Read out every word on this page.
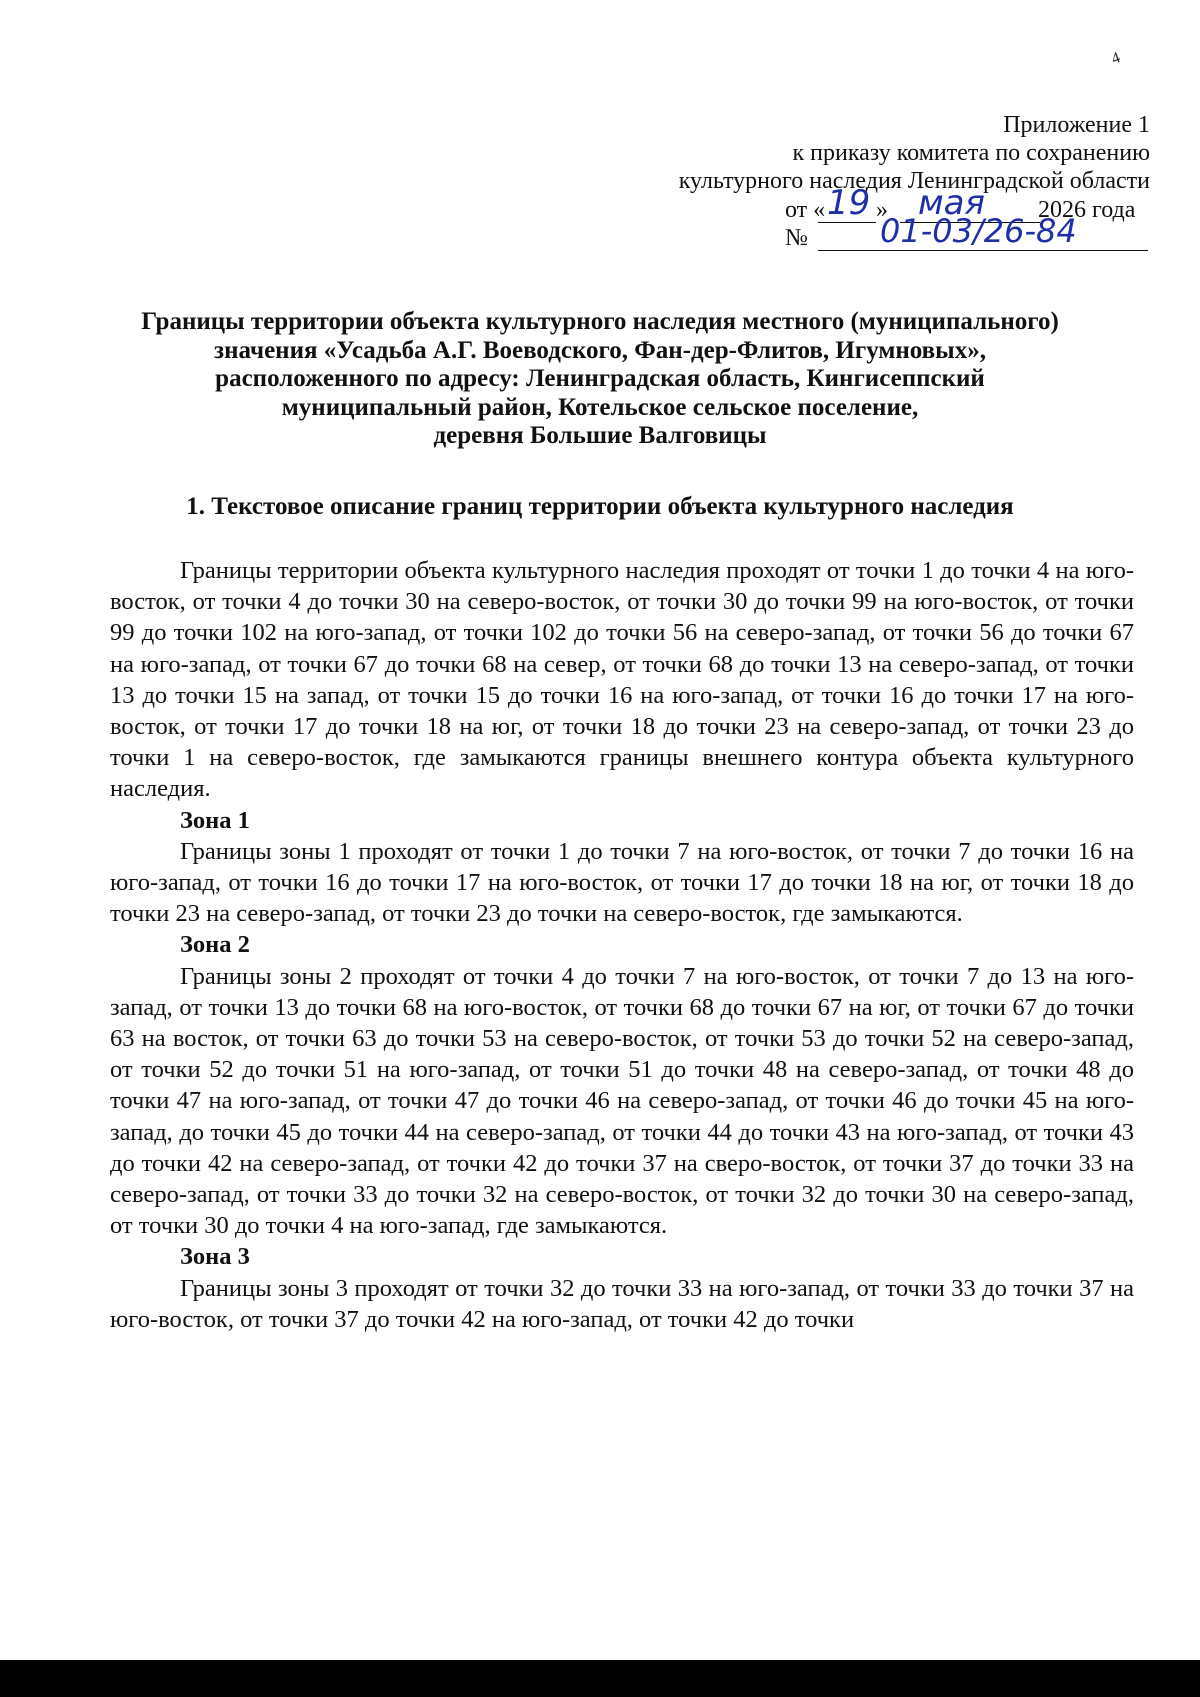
4
Приложение 1
к приказу комитета по сохранению
культурного наследия Ленинградской области
от « »	2026 года
№
19 мая
01-03/26-84
Границы территории объекта культурного наследия местного (муниципального)
значения «Усадьба А.Г. Воеводского, Фан-дер-Флитов, Игумновых»,
расположенного по адресу: Ленинградская область, Кингисеппский
муниципальный район, Котельское сельское поселение,
деревня Большие Валговицы
1. Текстовое описание границ территории объекта культурного наследия

Границы территории объекта культурного наследия проходят от точки 1 до точки 4 на юго-восток, от точки 4 до точки 30 на северо-восток, от точки 30 до точки 99 на юго-восток, от точки 99 до точки 102 на юго-запад, от точки 102 до точки 56 на северо-запад, от точки 56 до точки 67 на юго-запад, от точки 67 до точки 68 на север, от точки 68 до точки 13 на северо-запад, от точки 13 до точки 15 на запад, от точки 15 до точки 16 на юго-запад, от точки 16 до точки 17 на юго-восток, от точки 17 до точки 18 на юг, от точки 18 до точки 23 на северо-запад, от точки 23 до точки 1 на северо-восток, где замыкаются границы внешнего контура объекта культурного наследия.

Зона 1

Границы зоны 1 проходят от точки 1 до точки 7 на юго-восток, от точки 7 до точки 16 на юго-запад, от точки 16 до точки 17 на юго-восток, от точки 17 до точки 18 на юг, от точки 18 до точки 23 на северо-запад, от точки 23 до точки на северо-восток, где замыкаются.

Зона 2

Границы зоны 2 проходят от точки 4 до точки 7 на юго-восток, от точки 7 до 13 на юго-запад, от точки 13 до точки 68 на юго-восток, от точки 68 до точки 67 на юг, от точки 67 до точки 63 на восток, от точки 63 до точки 53 на северо-восток, от точки 53 до точки 52 на северо-запад, от точки 52 до точки 51 на юго-запад, от точки 51 до точки 48 на северо-запад, от точки 48 до точки 47 на юго-запад, от точки 47 до точки 46 на северо-запад, от точки 46 до точки 45 на юго-запад, до точки 45 до точки 44 на северо-запад, от точки 44 до точки 43 на юго-запад, от точки 43 до точки 42 на северо-запад, от точки 42 до точки 37 на сверо-восток, от точки 37 до точки 33 на северо-запад, от точки 33 до точки 32 на северо-восток, от точки 32 до точки 30 на северо-запад, от точки 30 до точки 4 на юго-запад, где замыкаются.

Зона 3

Границы зоны 3 проходят от точки 32 до точки 33 на юго-запад, от точки 33 до точки 37 на юго-восток, от точки 37 до точки 42 на юго-запад, от точки 42 до точки
